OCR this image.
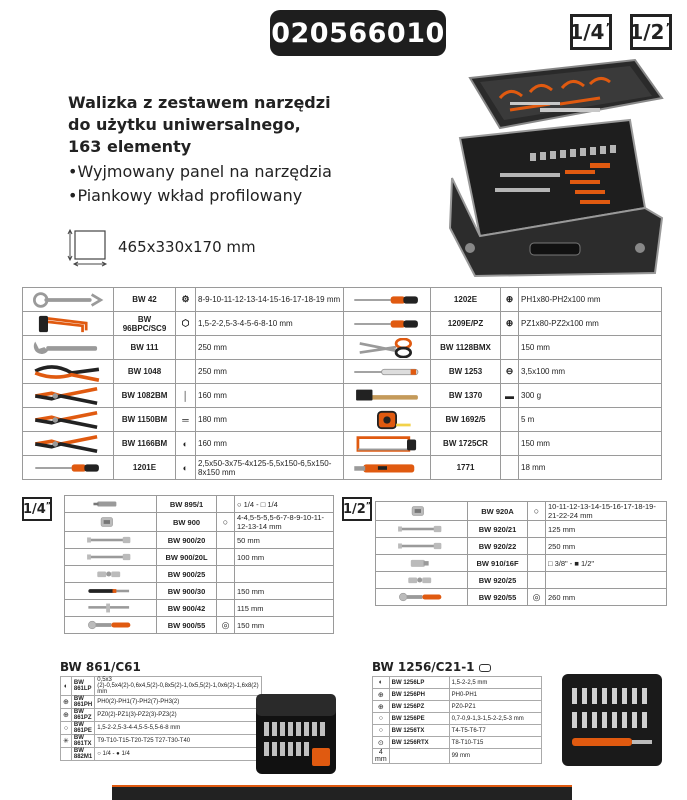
020566010	1/4” 1/2”
Walizka z zestawem narzędzi
do użytku uniwersalnego,
163 elementy
• Wyjmowany panel na narzędzia
• Piankowy wkład profilowany
465x330x170 mm
	BW 42	⚙	8-9-10-11-12-13-14-15-16-17-18-19 mm		1202E	⊕	PH1x80-PH2x100 mm

	BW 96BPC/SC9	⬡	1,5-2-2,5-3-4-5-6-8-10 mm		1209E/PZ	⊕	PZ1x80-PZ2x100 mm

	BW 111		250 mm		BW 1128BMX		150 mm

	BW 1048		250 mm		BW 1253	⊖	3,5x100 mm

	BW 1082BM	│	160 mm		BW 1370	▬	300 g

	BW 1150BM	═	180 mm		BW 1692/5		5 m

	BW 1166BM	◐	160 mm		BW 1725CR		150 mm

	1201E	◐	2,5x50-3x75-4x125-5,5x150-6,5x150-8x150 mm		1771		18 mm
1/4”
		BW 895/1		○ 1/4 - □ 1/4

	BW 900	○	4-4,5-5-5,5-6-7-8-9-10-11-12-13-14 mm

	BW 900/20		50 mm

	BW 900/20L		100 mm

	BW 900/25		

	BW 900/30		150 mm

	BW 900/42		115 mm

	BW 900/55	◎	150 mm
1/2”
	BW 920A	○	10-11-12-13-14-15-16-17-18-19-21-22-24 mm

	BW 920/21		125 mm

	BW 920/22		250 mm

	BW 910/16F		□ 3/8" - ■ 1/2"

	BW 920/25		

	BW 920/55	◎	260 mm
BW 861/C61
◐	BW 861LP	0,5x3 (2)-0,5x4(2)-0,6x4,5(2)-0,8x5(2)-1,0x5,5(2)-1,0x6(2)-1,6x8(2) mm
⊕	BW 861PH	PH0(2)-PH1(7)-PH2(7)-PH3(2)
⊕	BW 861PZ	PZ0(2)-PZ1(3)-PZ2(3)-PZ3(2)
○	BW 861PE	1,5-2-2,5-3-4-4,5-5-5,5-6-8 mm
✳	BW 861TX	T9-T10-T15-T20-T25 T27-T30-T40
	BW 882M1	○ 1/4 - ● 1/4
BW 1256/C21-1
◐	BW 1256LP	1,5-2-2,5 mm
⊕	BW 1256PH	PH0-PH1
⊕	BW 1256PZ	PZ0-PZ1
○	BW 1256PE	0,7-0,9-1,3-1,5-2-2,5-3 mm
○	BW 1256TX	T4-T5-T6-T7
⊙	BW 1256RTX	T8-T10-T15
4 mm		99 mm
